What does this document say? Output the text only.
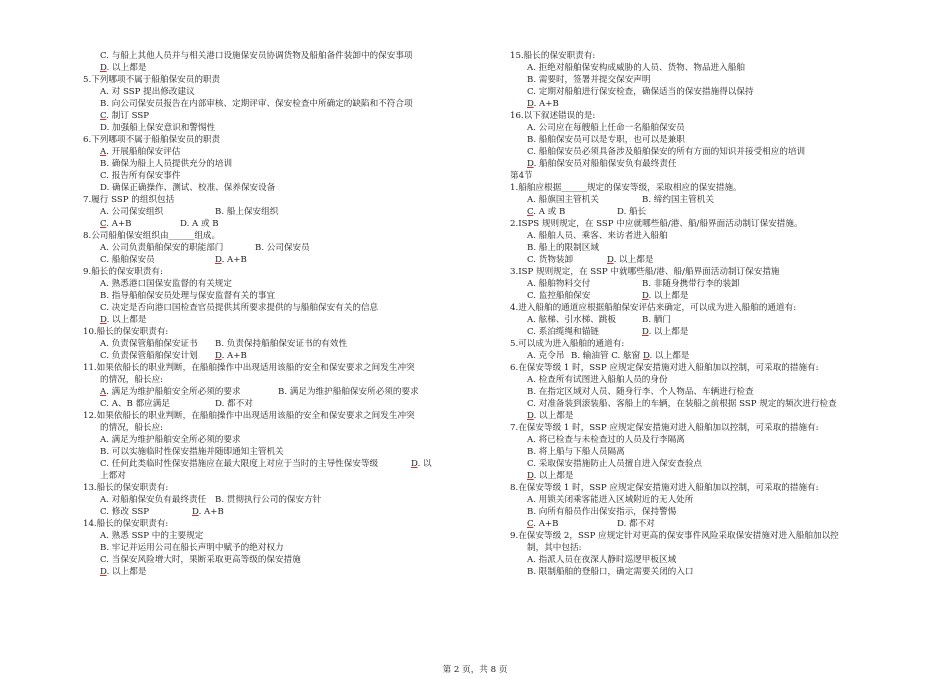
C. 与船上其他人员并与相关港口设施保安员协调货物及船舶备件装卸中的保安事项
D. 以上都是
5.下列哪项不属于船舶保安员的职责
A. 对 SSP 提出修改建议
B. 向公司保安员报告在内部审核、定期评审、保安检查中所确定的缺陷和不符合项
C. 制订 SSP
D. 加强船上保安意识和警惕性
6.下列哪项不属于船舶保安员的职责
A. 开展船舶保安评估
B. 确保为船上人员提供充分的培训
C. 报告所有保安事件
D. 确保正确操作、测试、校准、保养保安设备
7.履行 SSP 的组织包括
A. 公司保安组织	B. 船上保安组织
C. A+B	D. A 或 B
8.公司船舶保安组织由______组成。
A. 公司负责船舶保安的职能部门	B. 公司保安员
C. 船舶保安员	D. A+B
9.船长的保安职责有:
A. 熟悉港口国保安监督的有关规定
B. 指导船舶保安员处理与保安监督有关的事宜
C. 决定是否向港口国检查官员提供其所要求提供的与船舶保安有关的信息
D. 以上都是
10.船长的保安职责有:
A. 负责保管船舶保安证书 B. 负责保持船舶保安证书的有效性
C. 负责保管船舶保安计划 D. A+B
11.如果依船长的职业判断，在船舶操作中出现适用该船的安全和保安要求之间发生冲突
的情况，船长应:
A. 满足为维护船舶安全所必须的要求	B. 满足为维护船舶保安所必须的要求
C. A、B 都应满足	D. 都不对
12.如果依船长的职业判断，在船舶操作中出现适用该船的安全和保安要求之间发生冲突
的情况，船长应:
A. 满足为维护船舶安全所必须的要求
B. 可以实施临时性保安措施并随即通知主管机关
C. 任何此类临时性保安措施应在最大限度上对应于当时的主导性保安等级	D. 以
上都对
13.船长的保安职责有:
A. 对船舶保安负有最终责任 B. 贯彻执行公司的保安方针
C. 修改 SSP	D. A+B
14.船长的保安职责有:
A. 熟悉 SSP 中的主要规定
B. 牢记并运用公司在船长声明中赋予的绝对权力
C. 当保安风险增大时，果断采取更高等级的保安措施
D. 以上都是
15.船长的保安职责有:
A. 拒绝对船舶保安构成威胁的人员、货物、物品进入船舶
B. 需要时，签署并提交保安声明
C. 定期对船舶进行保安检查，确保适当的保安措施得以保持
D. A+B
16.以下叙述错误的是:
A. 公司应在每艘船上任命一名船舶保安员
B. 船舶保安员可以是专职，也可以是兼职
C. 船舶保安员必须具备涉及船舶保安的所有方面的知识并接受相应的培训
D. 船舶保安员对船舶保安负有最终责任
第4节
1.船舶应根据______规定的保安等级，采取相应的保安措施。
A. 船旗国主管机关	B. 缔约国主管机关
C. A 或 B	D. 船长
2.ISPS 规则规定，在 SSP 中应就哪些船/港、船/船界面活动制订保安措施。
A. 船舶人员、乘客、来访者进入船舶
B. 船上的限制区域
C. 货物装卸	D. 以上都是
3.ISP 规则规定，在 SSP 中就哪些船/港、船/船界面活动制订保安措施
A. 船舶物料交付	B. 非随身携带行李的装卸
C. 监控船舶保安	D. 以上都是
4.进入船舶的通道应根据船舶保安评估来确定，可以成为进入船舶的通道有:
A. 舷梯、引水梯、跳板	B. 舾门
C. 系泊缆绳和锚链	D. 以上都是
5.可以成为进入船舶的通道有:
A. 克令吊 B. 输油管 C. 舷窗 D. 以上都是
6.在保安等级 1 时，SSP 应规定保安措施对进入船舶加以控制，可采取的措施有:
A. 检查所有试图进入船舶人员的身份
B. 在指定区域对人员、随身行李、个人物品、车辆进行检查
C. 对准备装到滚装船、客船上的车辆，在装船之前根据 SSP 规定的频次进行检查
D. 以上都是
7.在保安等级 1 时，SSP 应规定保安措施对进入船舶加以控制，可采取的措施有:
A. 将已检查与未检查过的人员及行李隔离
B. 将上船与下船人员隔离
C. 采取保安措施防止人员擅自进入保安查验点
D. 以上都是
8.在保安等级 1 时，SSP 应规定保安措施对进入船舶加以控制，可采取的措施有:
A. 用锁关闭乘客能进入区域附近的无人处所
B. 向所有船员作出保安指示，保持警惕
C. A+B	D. 都不对
9.在保安等级 2，SSP 应规定针对更高的保安事件风险采取保安措施对进入船舶加以控
制，其中包括:
A. 指派人员在夜深人静时巡逻甲板区域
B. 限制船舶的登船口，确定需要关闭的入口
第 2 页，共 8 页
